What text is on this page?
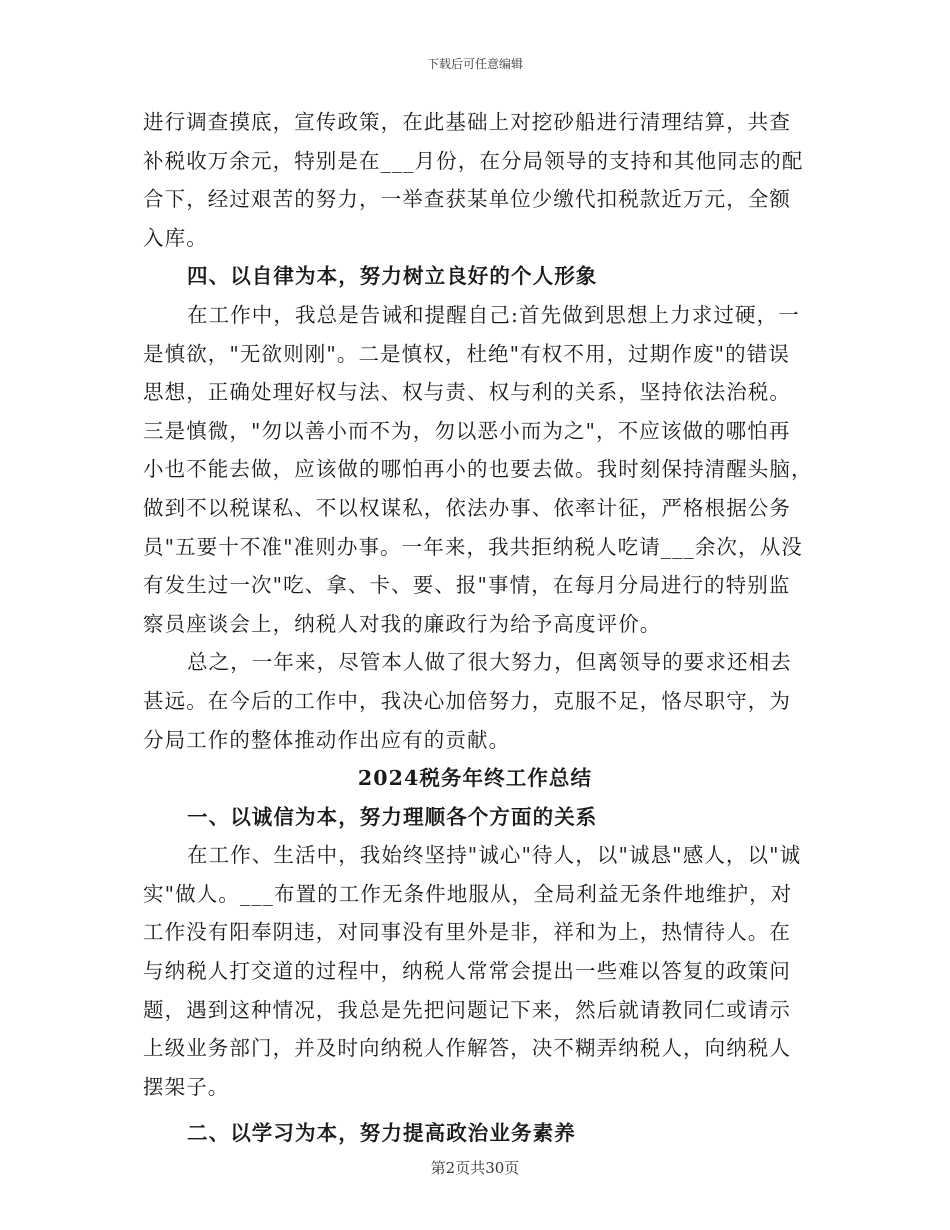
下载后可任意编辑
进行调查摸底，宣传政策，在此基础上对挖砂船进行清理结算，共查
补税收万余元，特别是在___月份，在分局领导的支持和其他同志的配
合下，经过艰苦的努力，一举查获某单位少缴代扣税款近万元，全额
入库。
四、以自律为本，努力树立良好的个人形象
在工作中，我总是告诫和提醒自己:首先做到思想上力求过硬，一
是慎欲，"无欲则刚"。二是慎权，杜绝"有权不用，过期作废"的错误
思想，正确处理好权与法、权与责、权与利的关系，坚持依法治税。
三是慎微，"勿以善小而不为，勿以恶小而为之"，不应该做的哪怕再
小也不能去做，应该做的哪怕再小的也要去做。我时刻保持清醒头脑，
做到不以税谋私、不以权谋私，依法办事、依率计征，严格根据公务
员"五要十不准"准则办事。一年来，我共拒纳税人吃请___余次，从没
有发生过一次"吃、拿、卡、要、报"事情，在每月分局进行的特别监
察员座谈会上，纳税人对我的廉政行为给予高度评价。
总之，一年来，尽管本人做了很大努力，但离领导的要求还相去
甚远。在今后的工作中，我决心加倍努力，克服不足，恪尽职守，为
分局工作的整体推动作出应有的贡献。
2024税务年终工作总结
一、以诚信为本，努力理顺各个方面的关系
在工作、生活中，我始终坚持"诚心"待人，以"诚恳"感人，以"诚
实"做人。___布置的工作无条件地服从，全局利益无条件地维护，对
工作没有阳奉阴违，对同事没有里外是非，祥和为上，热情待人。在
与纳税人打交道的过程中，纳税人常常会提出一些难以答复的政策问
题，遇到这种情况，我总是先把问题记下来，然后就请教同仁或请示
上级业务部门，并及时向纳税人作解答，决不糊弄纳税人，向纳税人
摆架子。
二、以学习为本，努力提高政治业务素养
第2页共30页
